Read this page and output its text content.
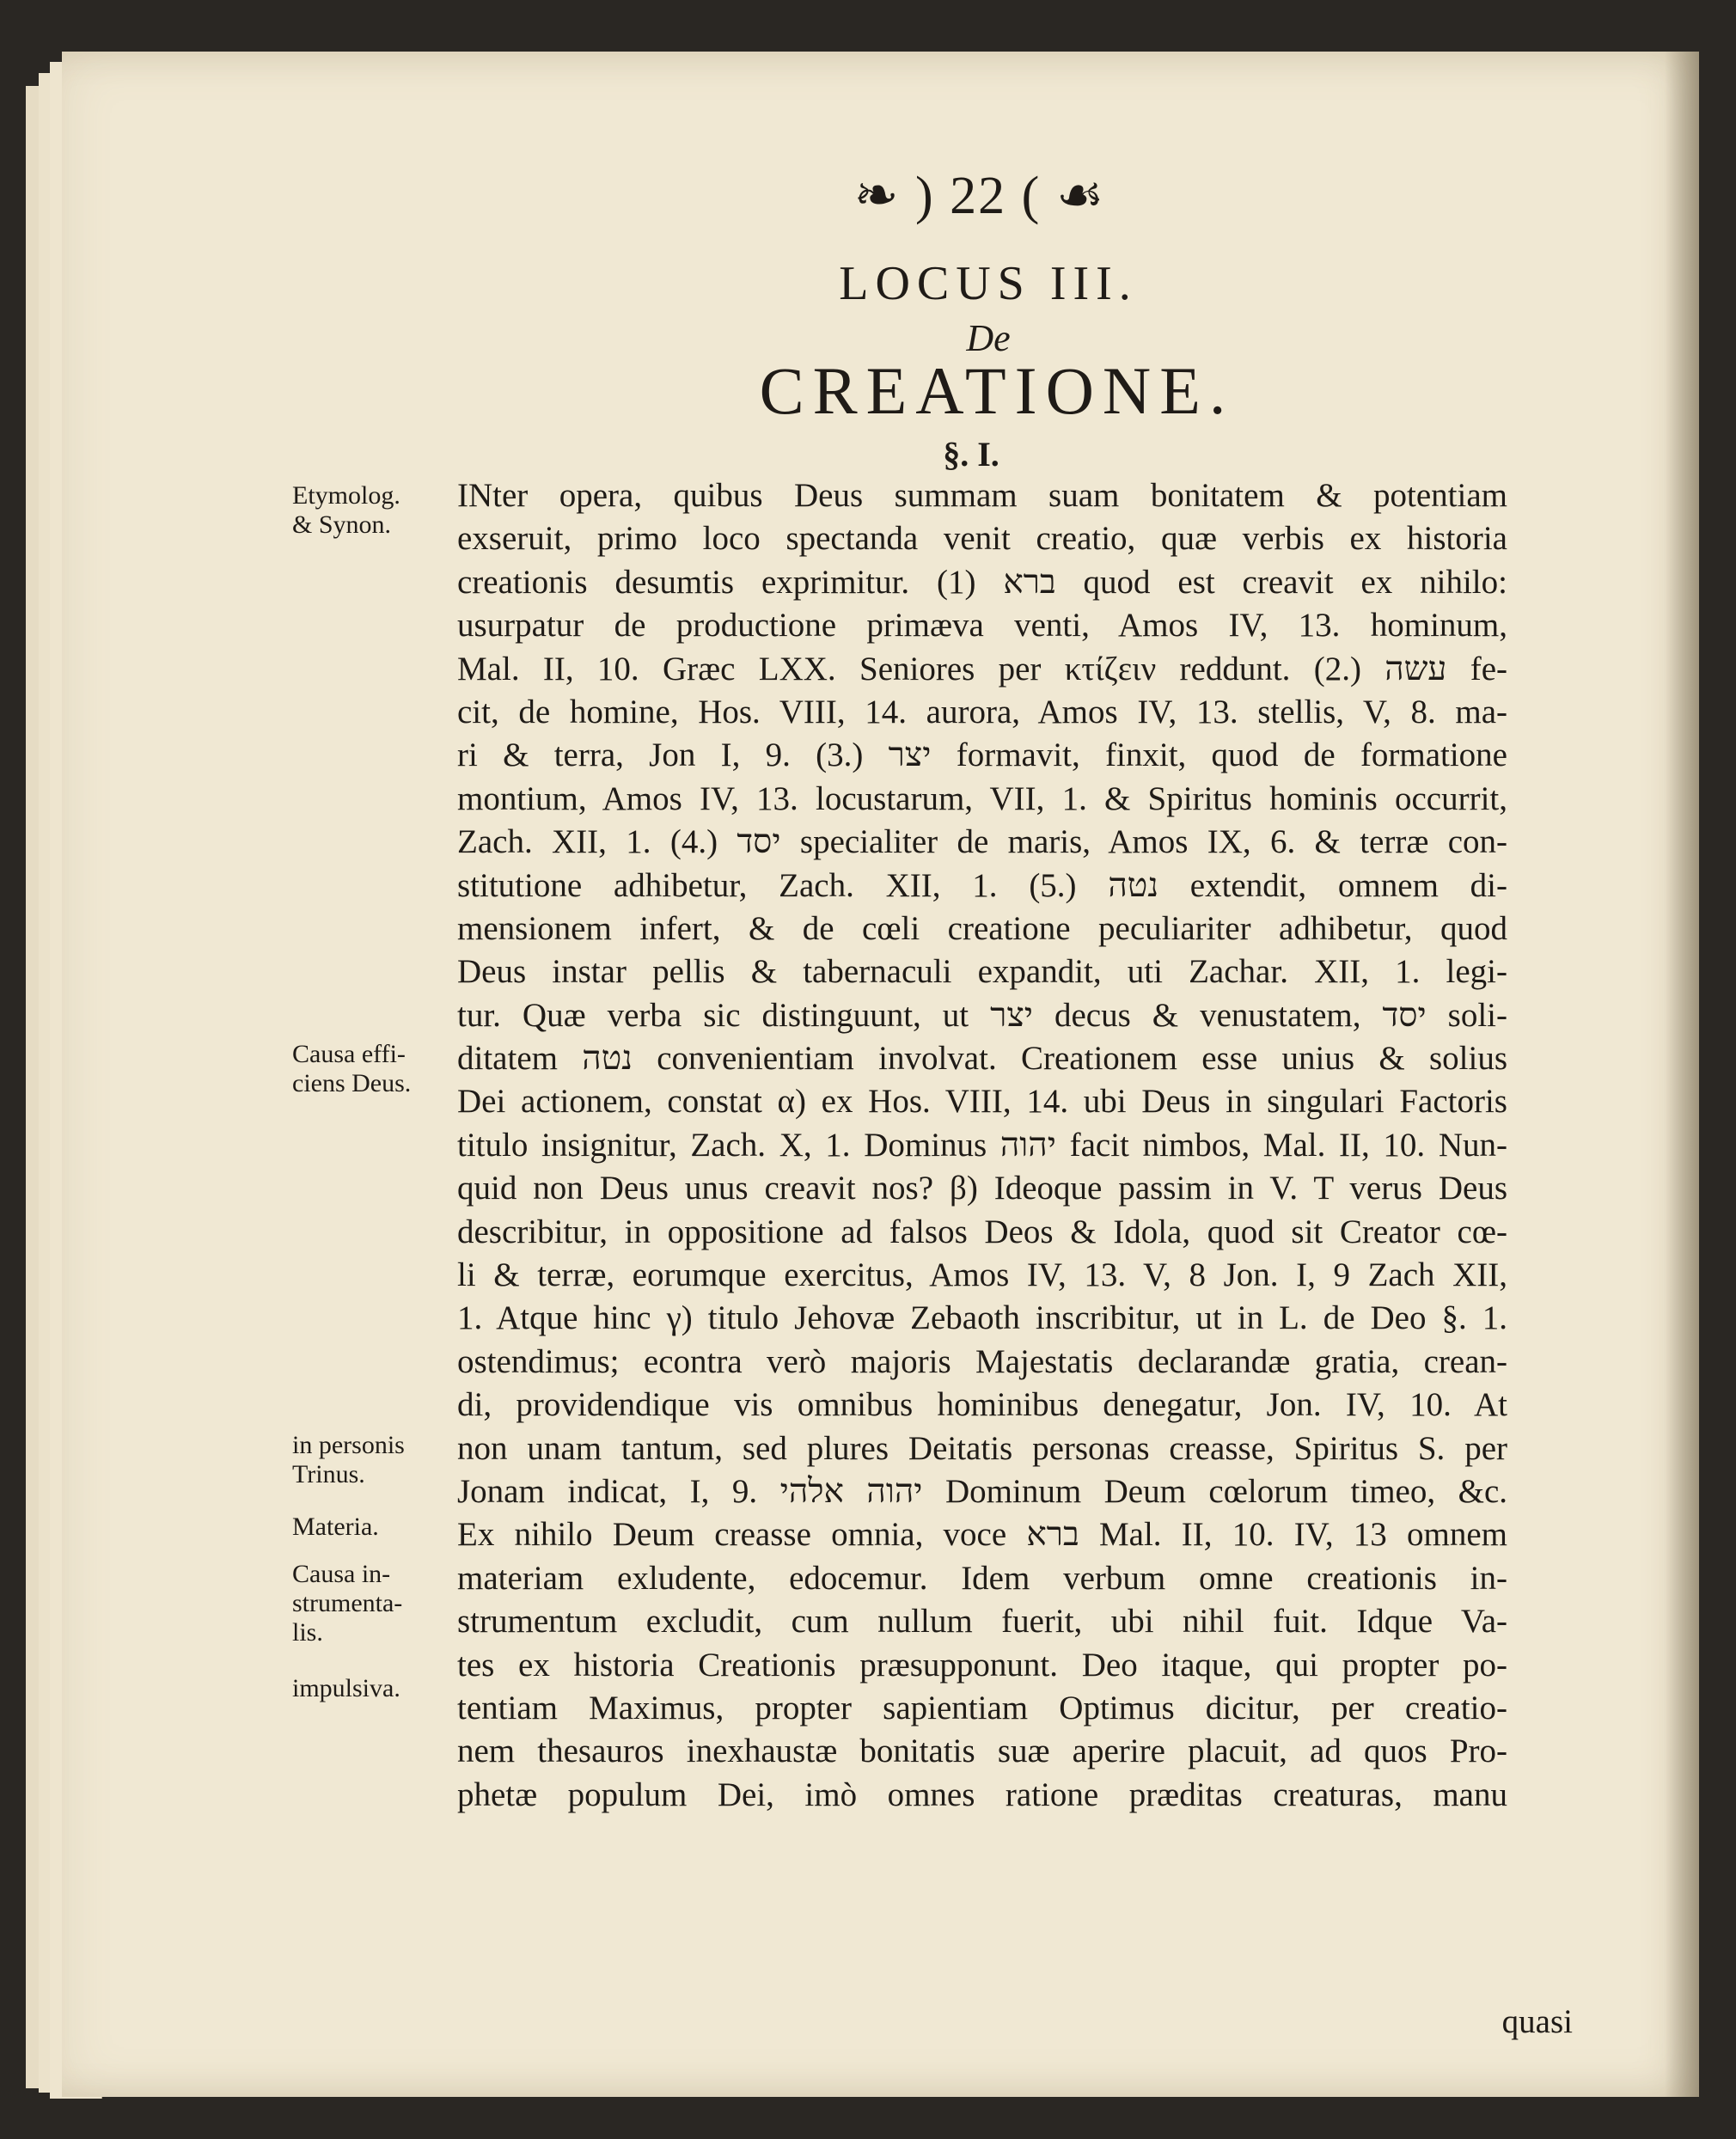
❧ ) 22 ( ☙
LOCUS III.
De
CREATIONE.
§. I.
Etymolog.
& Synon.
Causa effi-
ciens Deus.
in personis
Trinus.
Materia.
Causa in-
strumenta-
lis.
impulsiva.
INter opera, quibus Deus summam suam bonitatem & potentiam
exseruit, primo loco spectanda venit creatio, quæ verbis ex historia
creationis desumtis exprimitur. (1) ברא quod est creavit ex nihilo:
usurpatur de productione primæva venti, Amos IV, 13. hominum,
Mal. II, 10. Græc LXX. Seniores per κτίζειν reddunt. (2.) עשה fe-
cit, de homine, Hos. VIII, 14. aurora, Amos IV, 13. stellis, V, 8. ma-
ri & terra, Jon I, 9. (3.) יצר formavit, finxit, quod de formatione
montium, Amos IV, 13. locustarum, VII, 1. & Spiritus hominis occurrit,
Zach. XII, 1. (4.) יסד specialiter de maris, Amos IX, 6. & terræ con-
stitutione adhibetur, Zach. XII, 1. (5.) נטה extendit, omnem di-
mensionem infert, & de cœli creatione peculiariter adhibetur, quod
Deus instar pellis & tabernaculi expandit, uti Zachar. XII, 1. legi-
tur. Quæ verba sic distinguunt, ut יצר decus & venustatem, יסד soli-
ditatem נטה convenientiam involvat. Creationem esse unius & solius
Dei actionem, constat α) ex Hos. VIII, 14. ubi Deus in singulari Factoris
titulo insignitur, Zach. X, 1. Dominus יהוה facit nimbos, Mal. II, 10. Nun-
quid non Deus unus creavit nos? β) Ideoque passim in V. T verus Deus
describitur, in oppositione ad falsos Deos & Idola, quod sit Creator cœ-
li & terræ, eorumque exercitus, Amos IV, 13. V, 8 Jon. I, 9 Zach XII,
1. Atque hinc γ) titulo Jehovæ Zebaoth inscribitur, ut in L. de Deo §. 1.
ostendimus; econtra verò majoris Majestatis declarandæ gratia, crean-
di, providendique vis omnibus hominibus denegatur, Jon. IV, 10. At
non unam tantum, sed plures Deitatis personas creasse, Spiritus S. per
Jonam indicat, I, 9. יהוה אלהי Dominum Deum cœlorum timeo, &c.
Ex nihilo Deum creasse omnia, voce ברא Mal. II, 10. IV, 13 omnem
materiam exludente, edocemur. Idem verbum omne creationis in-
strumentum excludit, cum nullum fuerit, ubi nihil fuit. Idque Va-
tes ex historia Creationis præsupponunt. Deo itaque, qui propter po-
tentiam Maximus, propter sapientiam Optimus dicitur, per creatio-
nem thesauros inexhaustæ bonitatis suæ aperire placuit, ad quos Pro-
phetæ populum Dei, imò omnes ratione præditas creaturas, manu
quasi
